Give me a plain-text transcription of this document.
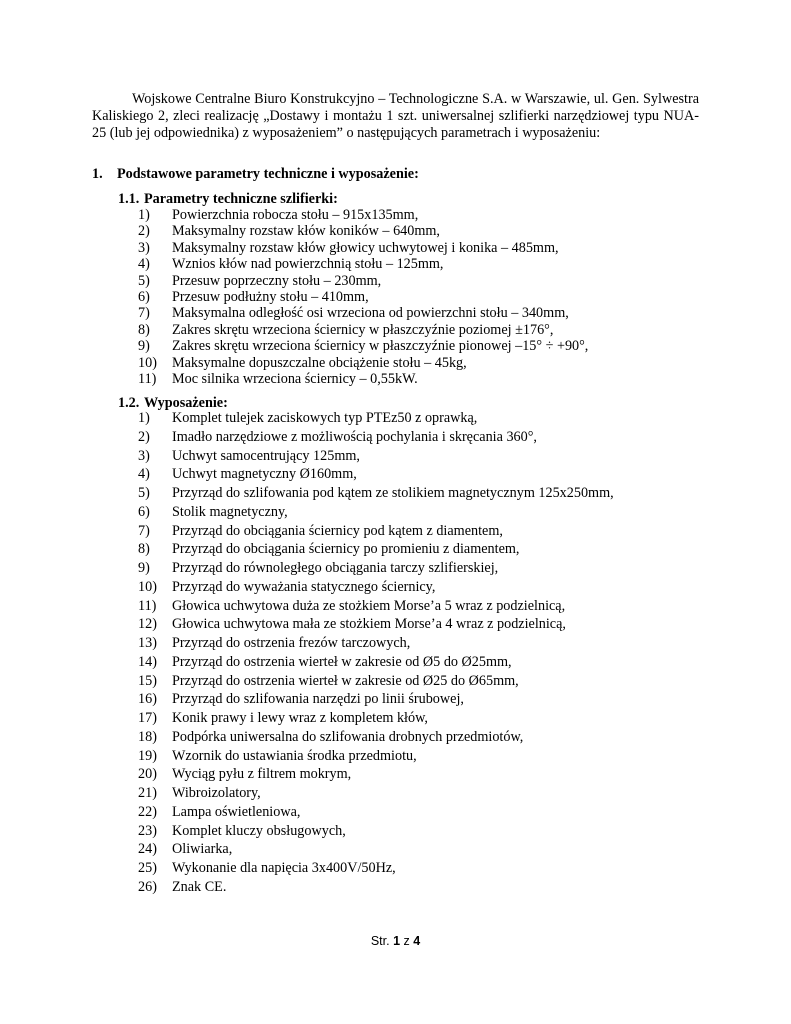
Wojskowe Centralne Biuro Konstrukcyjno – Technologiczne S.A. w Warszawie, ul. Gen. Sylwestra Kaliskiego 2, zleci realizację „Dostawy i montażu 1 szt. uniwersalnej szlifierki narzędziowej typu NUA-25 (lub jej odpowiednika) z wyposażeniem” o następujących parametrach i wyposażeniu:

1. Podstawowe parametry techniczne i wyposażenie:
1.1. Parametry techniczne szlifierki:
1) Powierzchnia robocza stołu – 915x135mm,
2) Maksymalny rozstaw kłów koników – 640mm,
3) Maksymalny rozstaw kłów głowicy uchwytowej i konika – 485mm,
4) Wznios kłów nad powierzchnią stołu – 125mm,
5) Przesuw poprzeczny stołu – 230mm,
6) Przesuw podłużny stołu – 410mm,
7) Maksymalna odległość osi wrzeciona od powierzchni stołu – 340mm,
8) Zakres skrętu wrzeciona ściernicy w płaszczyźnie poziomej ±176°,
9) Zakres skrętu wrzeciona ściernicy w płaszczyźnie pionowej –15° ÷ +90°,
10) Maksymalne dopuszczalne obciążenie stołu – 45kg,
11) Moc silnika wrzeciona ściernicy – 0,55kW.
1.2. Wyposażenie:
1) Komplet tulejek zaciskowych typ PTEz50 z oprawką,
2) Imadło narzędziowe z możliwością pochylania i skręcania 360°,
3) Uchwyt samocentrujący 125mm,
4) Uchwyt magnetyczny Ø160mm,
5) Przyrząd do szlifowania pod kątem ze stolikiem magnetycznym 125x250mm,
6) Stolik magnetyczny,
7) Przyrząd do obciągania ściernicy pod kątem z diamentem,
8) Przyrząd do obciągania ściernicy po promieniu z diamentem,
9) Przyrząd do równoległego obciągania tarczy szlifierskiej,
10) Przyrząd do wyważania statycznego ściernicy,
11) Głowica uchwytowa duża ze stożkiem Morse’a 5 wraz z podzielnicą,
12) Głowica uchwytowa mała ze stożkiem Morse’a 4 wraz z podzielnicą,
13) Przyrząd do ostrzenia frezów tarczowych,
14) Przyrząd do ostrzenia wierteł w zakresie od Ø5 do Ø25mm,
15) Przyrząd do ostrzenia wierteł w zakresie od Ø25 do Ø65mm,
16) Przyrząd do szlifowania narzędzi po linii śrubowej,
17) Konik prawy i lewy wraz z kompletem kłów,
18) Podpórka uniwersalna do szlifowania drobnych przedmiotów,
19) Wzornik do ustawiania środka przedmiotu,
20) Wyciąg pyłu z filtrem mokrym,
21) Wibroizolatory,
22) Lampa oświetleniowa,
23) Komplet kluczy obsługowych,
24) Oliwiarka,
25) Wykonanie dla napięcia 3x400V/50Hz,
26) Znak CE.
Str. 1 z 4
